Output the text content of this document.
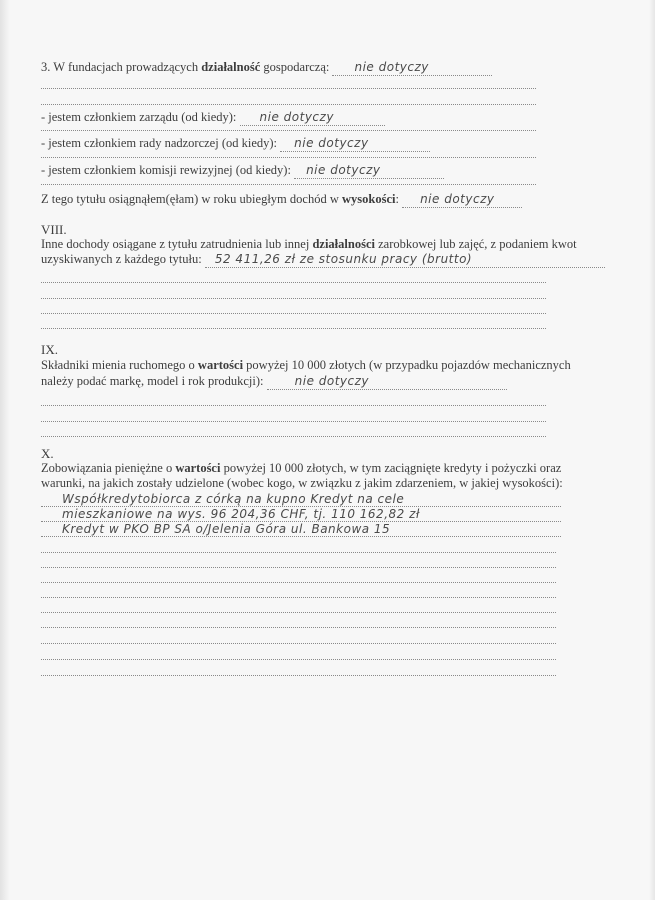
3. W fundacjach prowadzących działalność gospodarczą: nie dotyczy
- jestem członkiem zarządu (od kiedy): nie dotyczy
- jestem członkiem rady nadzorczej (od kiedy): nie dotyczy
- jestem członkiem komisji rewizyjnej (od kiedy): nie dotyczy
Z tego tytułu osiągnąłem(ęłam) w roku ubiegłym dochód w wysokości: nie dotyczy
VIII.
Inne dochody osiągane z tytułu zatrudnienia lub innej działalności zarobkowej lub zajęć, z podaniem kwot
uzyskiwanych z każdego tytułu: 52 411,26 zł ze stosunku pracy (brutto)
IX.
Składniki mienia ruchomego o wartości powyżej 10 000 złotych (w przypadku pojazdów mechanicznych
należy podać markę, model i rok produkcji): nie dotyczy
X.
Zobowiązania pieniężne o wartości powyżej 10 000 złotych, w tym zaciągnięte kredyty i pożyczki oraz
warunki, na jakich zostały udzielone (wobec kogo, w związku z jakim zdarzeniem, w jakiej wysokości):
Współkredytobiorca z córką na kupno Kredyt na cele
mieszkaniowe na wys. 96 204,36 CHF, tj. 110 162,82 zł
Kredyt w PKO BP SA o/Jelenia Góra ul. Bankowa 15
